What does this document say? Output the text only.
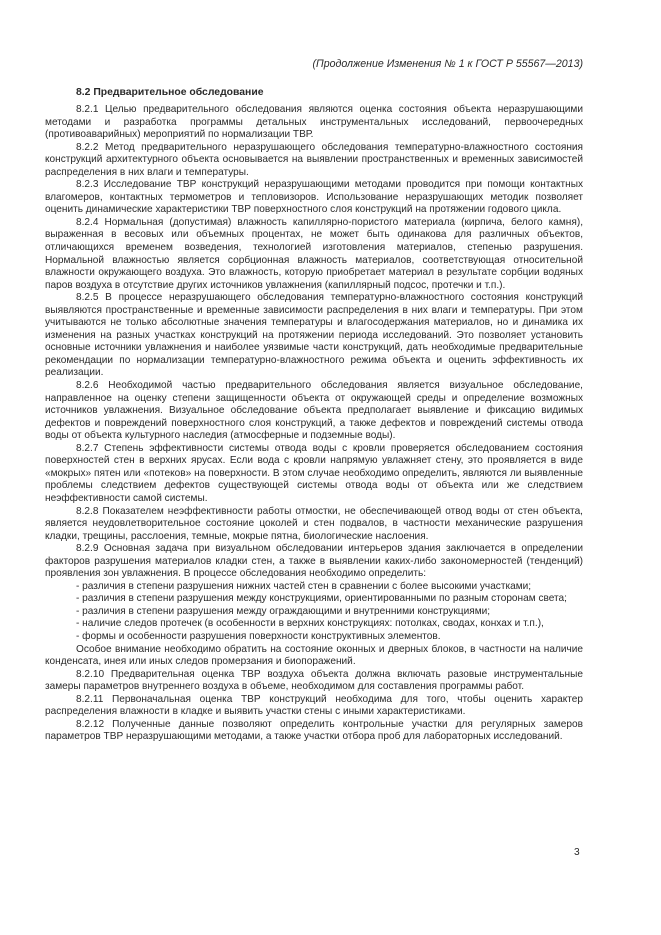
(Продолжение Изменения № 1 к ГОСТ Р 55567—2013)
8.2 Предварительное обследование

8.2.1 Целью предварительного обследования являются оценка состояния объекта неразрушающими методами и разработка программы детальных инструментальных исследований, первоочередных (противоаварийных) мероприятий по нормализации ТВР.

8.2.2 Метод предварительного неразрушающего обследования температурно-влажностного состояния конструкций архитектурного объекта основывается на выявлении пространственных и временных зависимостей распределения в них влаги и температуры.

8.2.3 Исследование ТВР конструкций неразрушающими методами проводится при помощи контактных влагомеров, контактных термометров и тепловизоров. Использование неразрушающих методик позволяет оценить динамические характеристики ТВР поверхностного слоя конструкций на протяжении годового цикла.

8.2.4 Нормальная (допустимая) влажность капиллярно-пористого материала (кирпича, белого камня), выраженная в весовых или объемных процентах, не может быть одинакова для различных объектов, отличающихся временем возведения, технологией изготовления материалов, степенью разрушения. Нормальной влажностью является сорбционная влажность материалов, соответствующая относительной влажности окружающего воздуха. Это влажность, которую приобретает материал в результате сорбции водяных паров воздуха в отсутствие других источников увлажнения (капиллярный подсос, протечки и т.п.).

8.2.5 В процессе неразрушающего обследования температурно-влажностного состояния конструкций выявляются пространственные и временные зависимости распределения в них влаги и температуры. При этом учитываются не только абсолютные значения температуры и влагосодержания материалов, но и динамика их изменения на разных участках конструкций на протяжении периода исследований. Это позволяет установить основные источники увлажнения и наиболее уязвимые части конструкций, дать необходимые предварительные рекомендации по нормализации температурно-влажностного режима объекта и оценить эффективность их реализации.

8.2.6 Необходимой частью предварительного обследования является визуальное обследование, направленное на оценку степени защищенности объекта от окружающей среды и определение возможных источников увлажнения. Визуальное обследование объекта предполагает выявление и фиксацию видимых дефектов и повреждений поверхностного слоя конструкций, а также дефектов и повреждений системы отвода воды от объекта культурного наследия (атмосферные и подземные воды).

8.2.7 Степень эффективности системы отвода воды с кровли проверяется обследованием состояния поверхностей стен в верхних ярусах. Если вода с кровли напрямую увлажняет стену, это проявляется в виде «мокрых» пятен или «потеков» на поверхности. В этом случае необходимо определить, являются ли выявленные проблемы следствием дефектов существующей системы отвода воды от объекта или же следствием неэффективности самой системы.

8.2.8 Показателем неэффективности работы отмостки, не обеспечивающей отвод воды от стен объекта, является неудовлетворительное состояние цоколей и стен подвалов, в частности механические разрушения кладки, трещины, расслоения, темные, мокрые пятна, биологические наслоения.

8.2.9 Основная задача при визуальном обследовании интерьеров здания заключается в определении факторов разрушения материалов кладки стен, а также в выявлении каких-либо закономерностей (тенденций) проявления зон увлажнения. В процессе обследования необходимо определить:

- различия в степени разрушения нижних частей стен в сравнении с более высокими участками;

- различия в степени разрушения между конструкциями, ориентированными по разным сторонам света;

- различия в степени разрушения между ограждающими и внутренними конструкциями;

- наличие следов протечек (в особенности в верхних конструкциях: потолках, сводах, конхах и т.п.),

- формы и особенности разрушения поверхности конструктивных элементов.

Особое внимание необходимо обратить на состояние оконных и дверных блоков, в частности на наличие конденсата, инея или иных следов промерзания и биопоражений.

8.2.10 Предварительная оценка ТВР воздуха объекта должна включать разовые инструментальные замеры параметров внутреннего воздуха в объеме, необходимом для составления программы работ.

8.2.11 Первоначальная оценка ТВР конструкций необходима для того, чтобы оценить характер распределения влажности в кладке и выявить участки стены с иными характеристиками.

8.2.12 Полученные данные позволяют определить контрольные участки для регулярных замеров параметров ТВР неразрушающими методами, а также участки отбора проб для лабораторных исследований.

3
